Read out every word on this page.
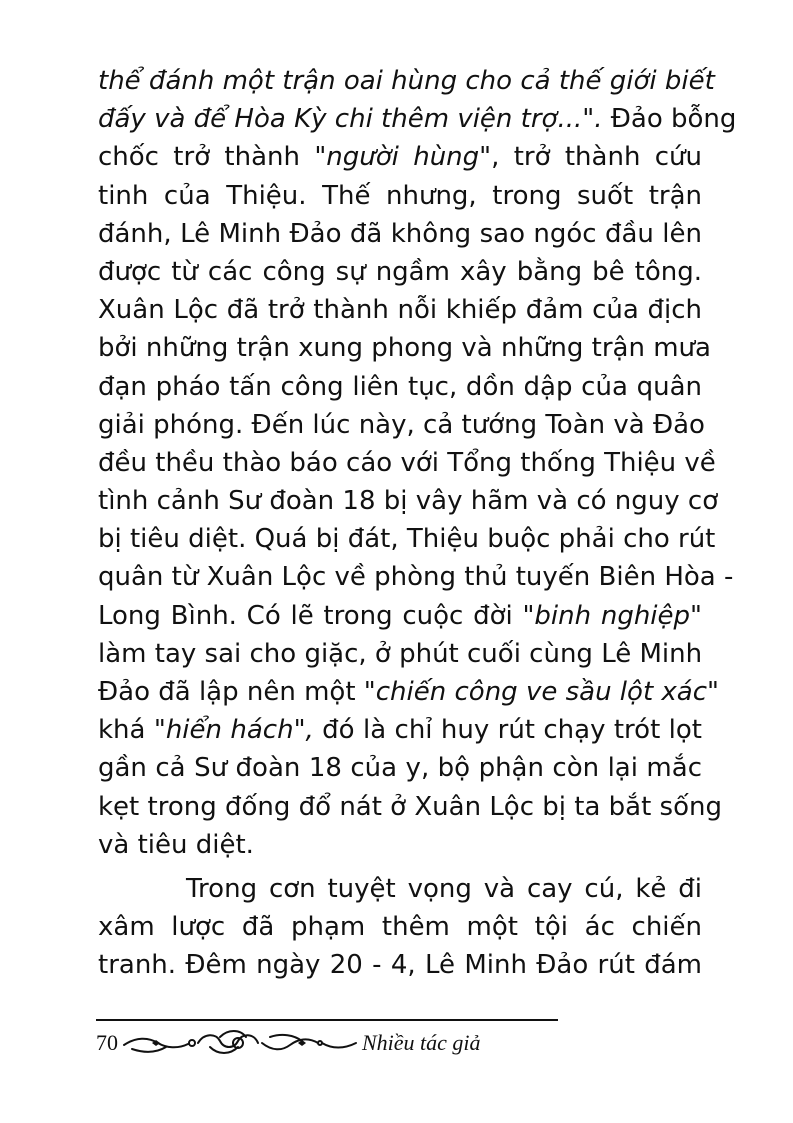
thể đánh một trận oai hùng cho cả thế giới biết
đấy và để Hòa Kỳ chi thêm viện trợ...". Đảo bỗng
chốc trở thành "người hùng", trở thành cứu
tinh của Thiệu. Thế nhưng, trong suốt trận
đánh, Lê Minh Đảo đã không sao ngóc đầu lên
được từ các công sự ngầm xây bằng bê tông.
Xuân Lộc đã trở thành nỗi khiếp đảm của địch
bởi những trận xung phong và những trận mưa
đạn pháo tấn công liên tục, dồn dập của quân
giải phóng. Đến lúc này, cả tướng Toàn và Đảo
đều thều thào báo cáo với Tổng thống Thiệu về
tình cảnh Sư đoàn 18 bị vây hãm và có nguy cơ
bị tiêu diệt. Quá bị đát, Thiệu buộc phải cho rút
quân từ Xuân Lộc về phòng thủ tuyến Biên Hòa -
Long Bình. Có lẽ trong cuộc đời "binh nghiệp"
làm tay sai cho giặc, ở phút cuối cùng Lê Minh
Đảo đã lập nên một "chiến công ve sầu lột xác"
khá "hiển hách", đó là chỉ huy rút chạy trót lọt
gần cả Sư đoàn 18 của y, bộ phận còn lại mắc
kẹt trong đống đổ nát ở Xuân Lộc bị ta bắt sống
và tiêu diệt.
Trong cơn tuyệt vọng và cay cú, kẻ đi
xâm lược đã phạm thêm một tội ác chiến
tranh. Đêm ngày 20 - 4, Lê Minh Đảo rút đám
70	Nhiều tác giả
